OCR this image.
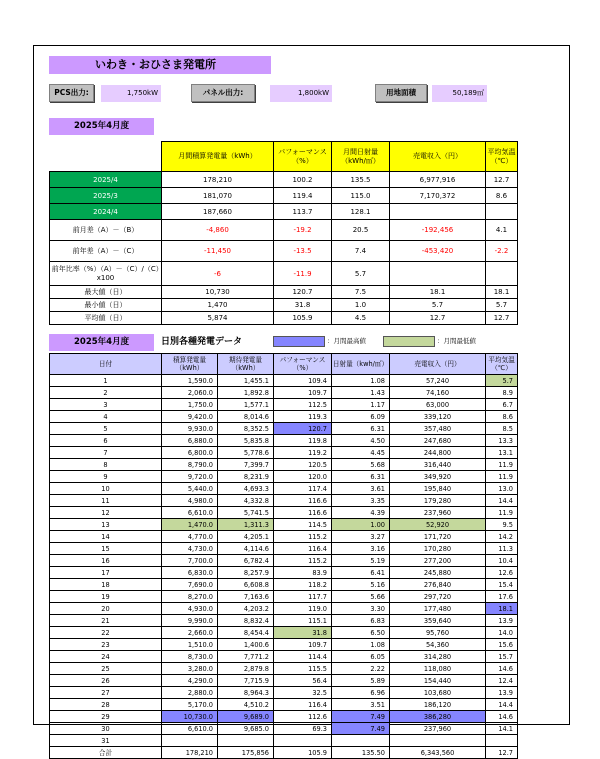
いわき・おひさま発電所
PCS出力:	1,750kW	パネル出力:	1,800kW	用地面積	50,189㎡
2025年4月度
	月間積算発電量（kWh）	パフォーマンス（%）	月間日射量（kWh/㎡）	売電収入（円）	平均気温（℃）
2025/4	178,210	100.2	135.5	6,977,916	12.7
2025/3	181,070	119.4	115.0	7,170,372	8.6
2024/4	187,660	113.7	128.1		
前月差（A）－（B）	-4,860	-19.2	20.5	-192,456	4.1
前年差（A）－（C）	-11,450	-13.5	7.4	-453,420	-2.2
前年比率（%）（A）－（C）/（C）x100	-6	-11.9	5.7		
最大値（日）	10,730	120.7	7.5	18.1	18.1
最小値（日）	1,470	31.8	1.0	5.7	5.7
平均値（日）	5,874	105.9	4.5	12.7	12.7
2025年4月度	日別各種発電データ	：月間最高値	：月間最低値
日付	積算発電量（kWh）	期待発電量（kWh）	パフォーマンス（%）	日射量（kwh/㎡）	売電収入（円）	平均気温（℃）
1	1,590.0	1,455.1	109.4	1.08	57,240	5.7
2	2,060.0	1,892.8	109.7	1.43	74,160	8.9
3	1,750.0	1,577.1	112.5	1.17	63,000	6.7
4	9,420.0	8,014.6	119.3	6.09	339,120	8.6
5	9,930.0	8,352.5	120.7	6.31	357,480	8.5
6	6,880.0	5,835.8	119.8	4.50	247,680	13.3
7	6,800.0	5,778.6	119.2	4.45	244,800	13.1
8	8,790.0	7,399.7	120.5	5.68	316,440	11.9
9	9,720.0	8,231.9	120.0	6.31	349,920	11.9
10	5,440.0	4,693.3	117.4	3.61	195,840	13.0
11	4,980.0	4,332.8	116.6	3.35	179,280	14.4
12	6,610.0	5,741.5	116.6	4.39	237,960	11.9
13	1,470.0	1,311.3	114.5	1.00	52,920	9.5
14	4,770.0	4,205.1	115.2	3.27	171,720	14.2
15	4,730.0	4,114.6	116.4	3.16	170,280	11.3
16	7,700.0	6,782.4	115.2	5.19	277,200	10.4
17	6,830.0	8,257.9	83.9	6.41	245,880	12.6
18	7,690.0	6,608.8	118.2	5.16	276,840	15.4
19	8,270.0	7,163.6	117.7	5.66	297,720	17.6
20	4,930.0	4,203.2	119.0	3.30	177,480	18.1
21	9,990.0	8,832.4	115.1	6.83	359,640	13.9
22	2,660.0	8,454.4	31.8	6.50	95,760	14.0
23	1,510.0	1,400.6	109.7	1.08	54,360	15.6
24	8,730.0	7,771.2	114.4	6.05	314,280	15.7
25	3,280.0	2,879.8	115.5	2.22	118,080	14.6
26	4,290.0	7,715.9	56.4	5.89	154,440	12.4
27	2,880.0	8,964.3	32.5	6.96	103,680	13.9
28	5,170.0	4,510.2	116.4	3.51	186,120	14.4
29	10,730.0	9,689.0	112.6	7.49	386,280	14.6
30	6,610.0	9,685.0	69.3	7.49	237,960	14.1
31						
合計	178,210	175,856	105.9	135.50	6,343,560	12.7
